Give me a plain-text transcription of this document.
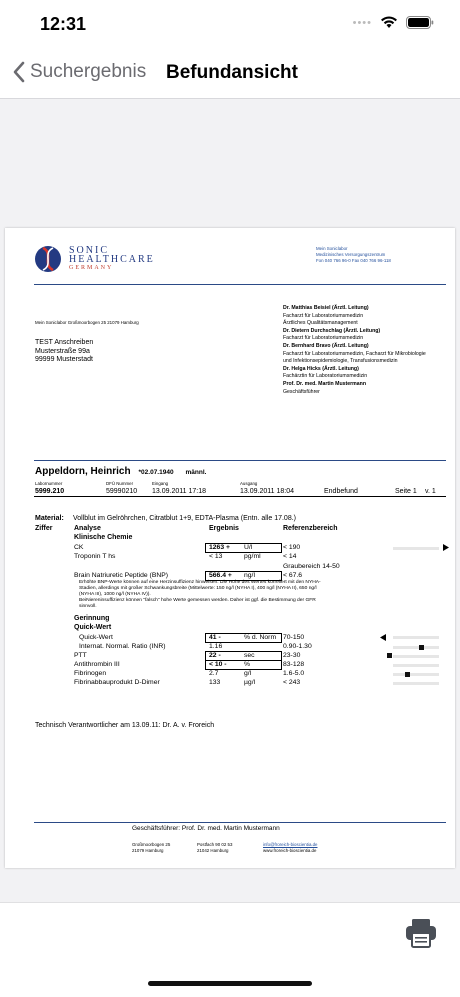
12:31	••••
Suchergebnis Befundansicht
SONIC
HEALTHCARE
GERMANY
Mein Soniclabor
Medizinisches Versorgungszentrum
Fon 040 766 96-0 Fax 040 766 96-118
Mein Soniclabor Großmoorbogen 25 21079 Hamburg
TEST Anschreiben
Musterstraße 99a
99999 Musterstadt
Dr. Matthias Beisiel (Ärztl. Leitung)
Facharzt für Laboratoriumsmedizin
Ärztliches Qualitätsmanagement
Dr. Dietern Durchschlag (Ärztl. Leitung)
Facharzt für Laboratoriumsmedizin
Dr. Bernhard Bravo (Ärztl. Leitung)
Facharzt für Laboratoriumsmedizin, Facharzt für Mikrobiologie
und Infektionsepidemiologie, Transfusionsmedizin
Dr. Helga Hicks (Ärztl. Leitung)
Fachärztin für Laboratoriumsmedizin
Prof. Dr. med. Martin Mustermann
Geschäftsführer
Appeldorn, Heinrich *02.07.1940 männl.
Labornummer	DFÜ Nummer	Eingang	Ausgang
5999.210	59990210 13.09.2011 17:18	13.09.2011 18:04	Endbefund	Seite 1 v. 1
Material: Vollblut im Gelröhrchen, Citratblut 1+9, EDTA-Plasma (Entn. alle 17.08.)
Ziffer	Analyse	Ergebnis	Referenzbereich
Klinische Chemie
CK	1263 + U/l	< 190
Troponin T hs	< 13	pg/ml	< 14
Graubereich 14-50
Brain Natriuretic Peptide (BNP)	566.4 + ng/l	< 67.6
Erhöhte BNP-Werte können auf eine Herzinsuffizienz hinweisen. Die Höhe des Wertes korreliert mit den NYHA-
Stadien, allerdings mit großer Schwankungsbreite (Mittelwerte: 150 ng/l (NYHA I), 400 ng/l (NYHA II), 650 ng/l
(NYHA III), 1000 ng/l (NYHA IV)).
BeiNiereninsuffizienz können "falsch" hohe Werte gemessen werden. Daher ist ggf. die Bestimmung der GFR
sinnvoll.
Gerinnung
Quick-Wert
Quick-Wert	41 -	% d. Norm 70-150
Internat. Normal. Ratio (INR)	1.16	0.90-1.30
PTT	22 -	sec	23-30
Antithrombin III	< 10 -	%	83-128
Fibrinogen	2.7	g/l	1.6-5.0
Fibrinabbauprodukt D-Dimer	133	µg/l	< 243
Technisch Verantwortlicher am 13.09.11: Dr. A. v. Froreich
Geschäftsführer: Prof. Dr. med. Martin Mustermann
Großmoorbogen 25
21079 Hamburg
Postfach 90 02 53
21042 Hamburg
info@froreich-bioscientia.de
www.froreich-bioscientia.de
